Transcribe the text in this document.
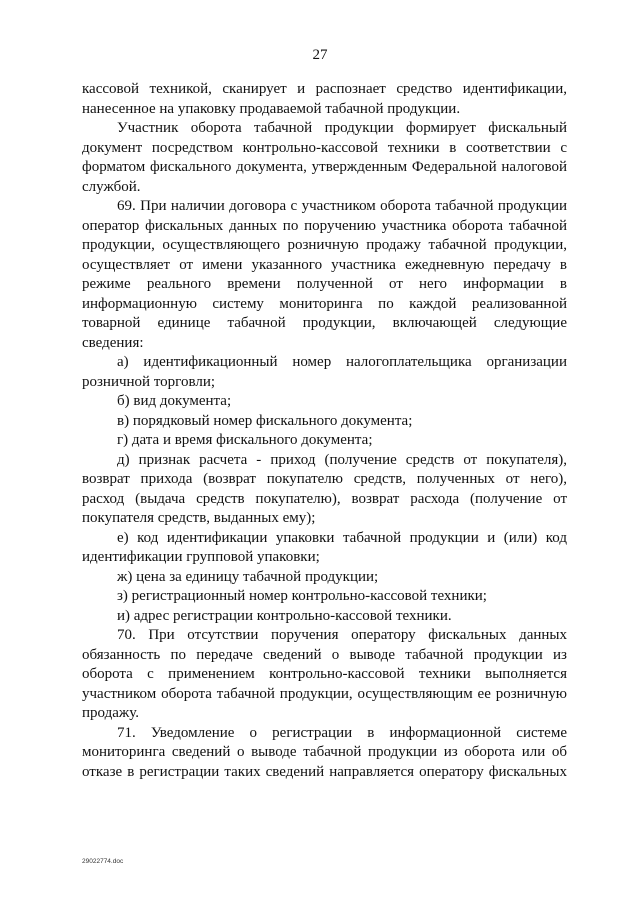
27
кассовой техникой, сканирует и распознает средство идентификации,
нанесенное на упаковку продаваемой табачной продукции.
Участник оборота табачной продукции формирует фискальный
документ посредством контрольно-кассовой техники в соответствии с
форматом фискального документа, утвержденным Федеральной налоговой
службой.
69. При наличии договора с участником оборота табачной продукции
оператор фискальных данных по поручению участника оборота табачной
продукции, осуществляющего розничную продажу табачной продукции,
осуществляет от имени указанного участника ежедневную передачу в
режиме реального времени полученной от него информации в
информационную систему мониторинга по каждой реализованной
товарной единице табачной продукции, включающей следующие
сведения:
а) идентификационный номер налогоплательщика организации
розничной торговли;
б) вид документа;
в) порядковый номер фискального документа;
г) дата и время фискального документа;
д) признак расчета - приход (получение средств от покупателя),
возврат прихода (возврат покупателю средств, полученных от него),
расход (выдача средств покупателю), возврат расхода (получение от
покупателя средств, выданных ему);
е) код идентификации упаковки табачной продукции и (или) код
идентификации групповой упаковки;
ж) цена за единицу табачной продукции;
з) регистрационный номер контрольно-кассовой техники;
и) адрес регистрации контрольно-кассовой техники.
70. При отсутствии поручения оператору фискальных данных
обязанность по передаче сведений о выводе табачной продукции из
оборота с применением контрольно-кассовой техники выполняется
участником оборота табачной продукции, осуществляющим ее розничную
продажу.
71. Уведомление о регистрации в информационной системе
мониторинга сведений о выводе табачной продукции из оборота или об
отказе в регистрации таких сведений направляется оператору фискальных
29022774.doc
